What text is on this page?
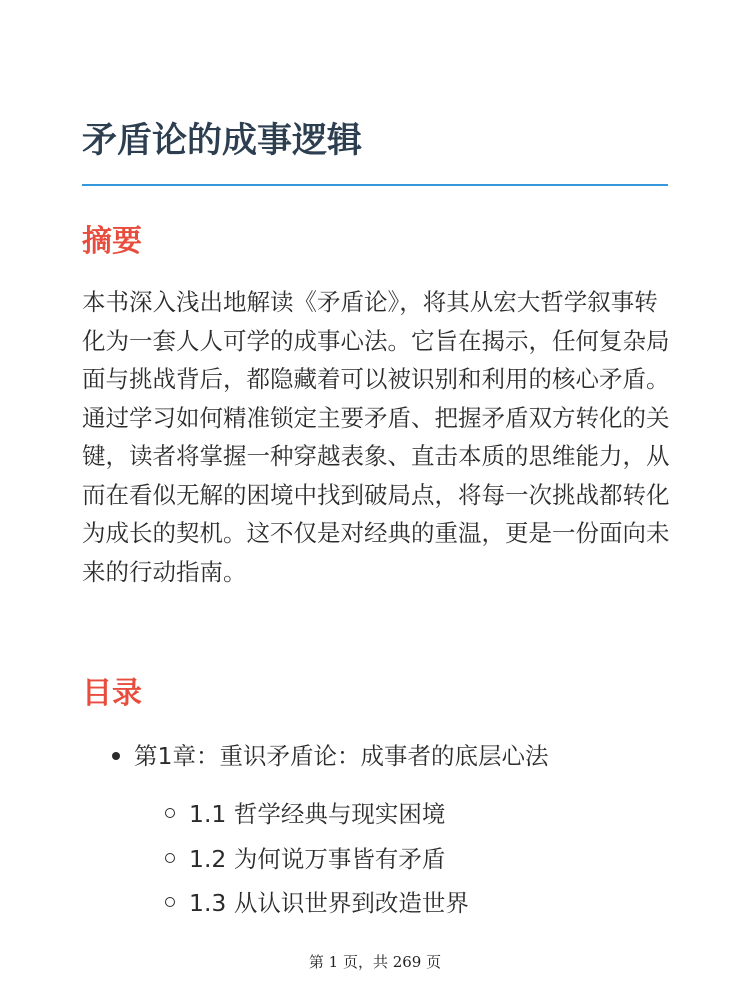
矛盾论的成事逻辑
摘要

本书深入浅出地解读《矛盾论》，将其从宏大哲学叙事转化为一套人人可学的成事心法。它旨在揭示，任何复杂局面与挑战背后，都隐藏着可以被识别和利用的核心矛盾。通过学习如何精准锁定主要矛盾、把握矛盾双方转化的关键，读者将掌握一种穿越表象、直击本质的思维能力，从而在看似无解的困境中找到破局点，将每一次挑战都转化为成长的契机。这不仅是对经典的重温，更是一份面向未来的行动指南。

目录
第1章：重识矛盾论：成事者的底层心法
1.1 哲学经典与现实困境
1.2 为何说万事皆有矛盾
1.3 从认识世界到改造世界
第 1 页，共 269 页
